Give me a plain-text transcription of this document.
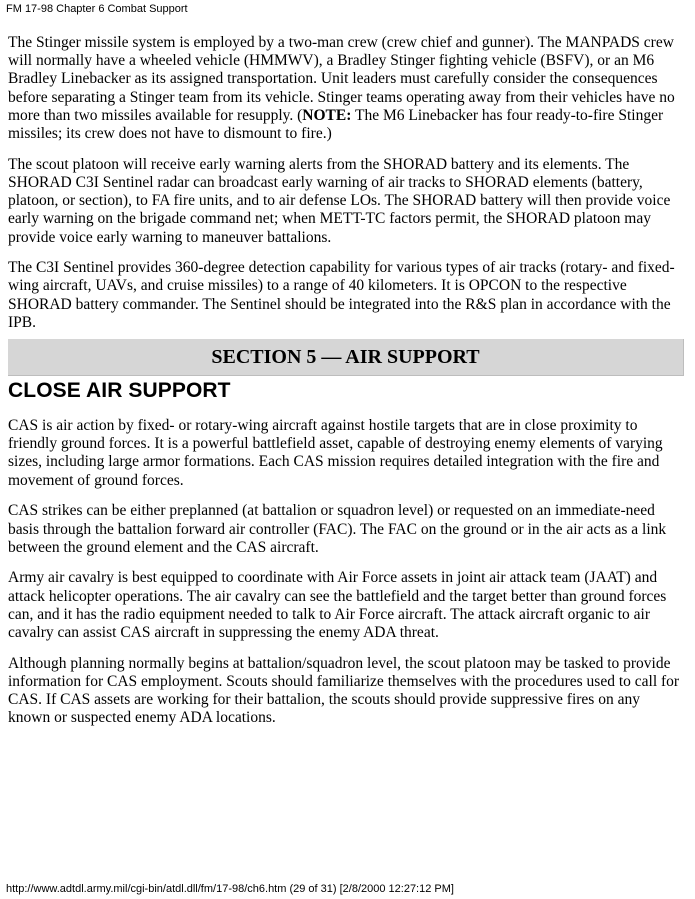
FM 17-98 Chapter 6 Combat Support

The Stinger missile system is employed by a two-man crew (crew chief and gunner). The MANPADS crew will normally have a wheeled vehicle (HMMWV), a Bradley Stinger fighting vehicle (BSFV), or an M6 Bradley Linebacker as its assigned transportation. Unit leaders must carefully consider the consequences before separating a Stinger team from its vehicle. Stinger teams operating away from their vehicles have no more than two missiles available for resupply. (NOTE: The M6 Linebacker has four ready-to-fire Stinger missiles; its crew does not have to dismount to fire.)

The scout platoon will receive early warning alerts from the SHORAD battery and its elements. The SHORAD C3I Sentinel radar can broadcast early warning of air tracks to SHORAD elements (battery, platoon, or section), to FA fire units, and to air defense LOs. The SHORAD battery will then provide voice early warning on the brigade command net; when METT-TC factors permit, the SHORAD platoon may provide voice early warning to maneuver battalions.

The C3I Sentinel provides 360-degree detection capability for various types of air tracks (rotary- and fixed-wing aircraft, UAVs, and cruise missiles) to a range of 40 kilometers. It is OPCON to the respective SHORAD battery commander. The Sentinel should be integrated into the R&S plan in accordance with the IPB.

SECTION 5 — AIR SUPPORT
CLOSE AIR SUPPORT

CAS is air action by fixed- or rotary-wing aircraft against hostile targets that are in close proximity to friendly ground forces. It is a powerful battlefield asset, capable of destroying enemy elements of varying sizes, including large armor formations. Each CAS mission requires detailed integration with the fire and movement of ground forces.

CAS strikes can be either preplanned (at battalion or squadron level) or requested on an immediate-need basis through the battalion forward air controller (FAC). The FAC on the ground or in the air acts as a link between the ground element and the CAS aircraft.

Army air cavalry is best equipped to coordinate with Air Force assets in joint air attack team (JAAT) and attack helicopter operations. The air cavalry can see the battlefield and the target better than ground forces can, and it has the radio equipment needed to talk to Air Force aircraft. The attack aircraft organic to air cavalry can assist CAS aircraft in suppressing the enemy ADA threat.

Although planning normally begins at battalion/squadron level, the scout platoon may be tasked to provide information for CAS employment. Scouts should familiarize themselves with the procedures used to call for CAS. If CAS assets are working for their battalion, the scouts should provide suppressive fires on any known or suspected enemy ADA locations.

http://www.adtdl.army.mil/cgi-bin/atdl.dll/fm/17-98/ch6.htm (29 of 31) [2/8/2000 12:27:12 PM]
